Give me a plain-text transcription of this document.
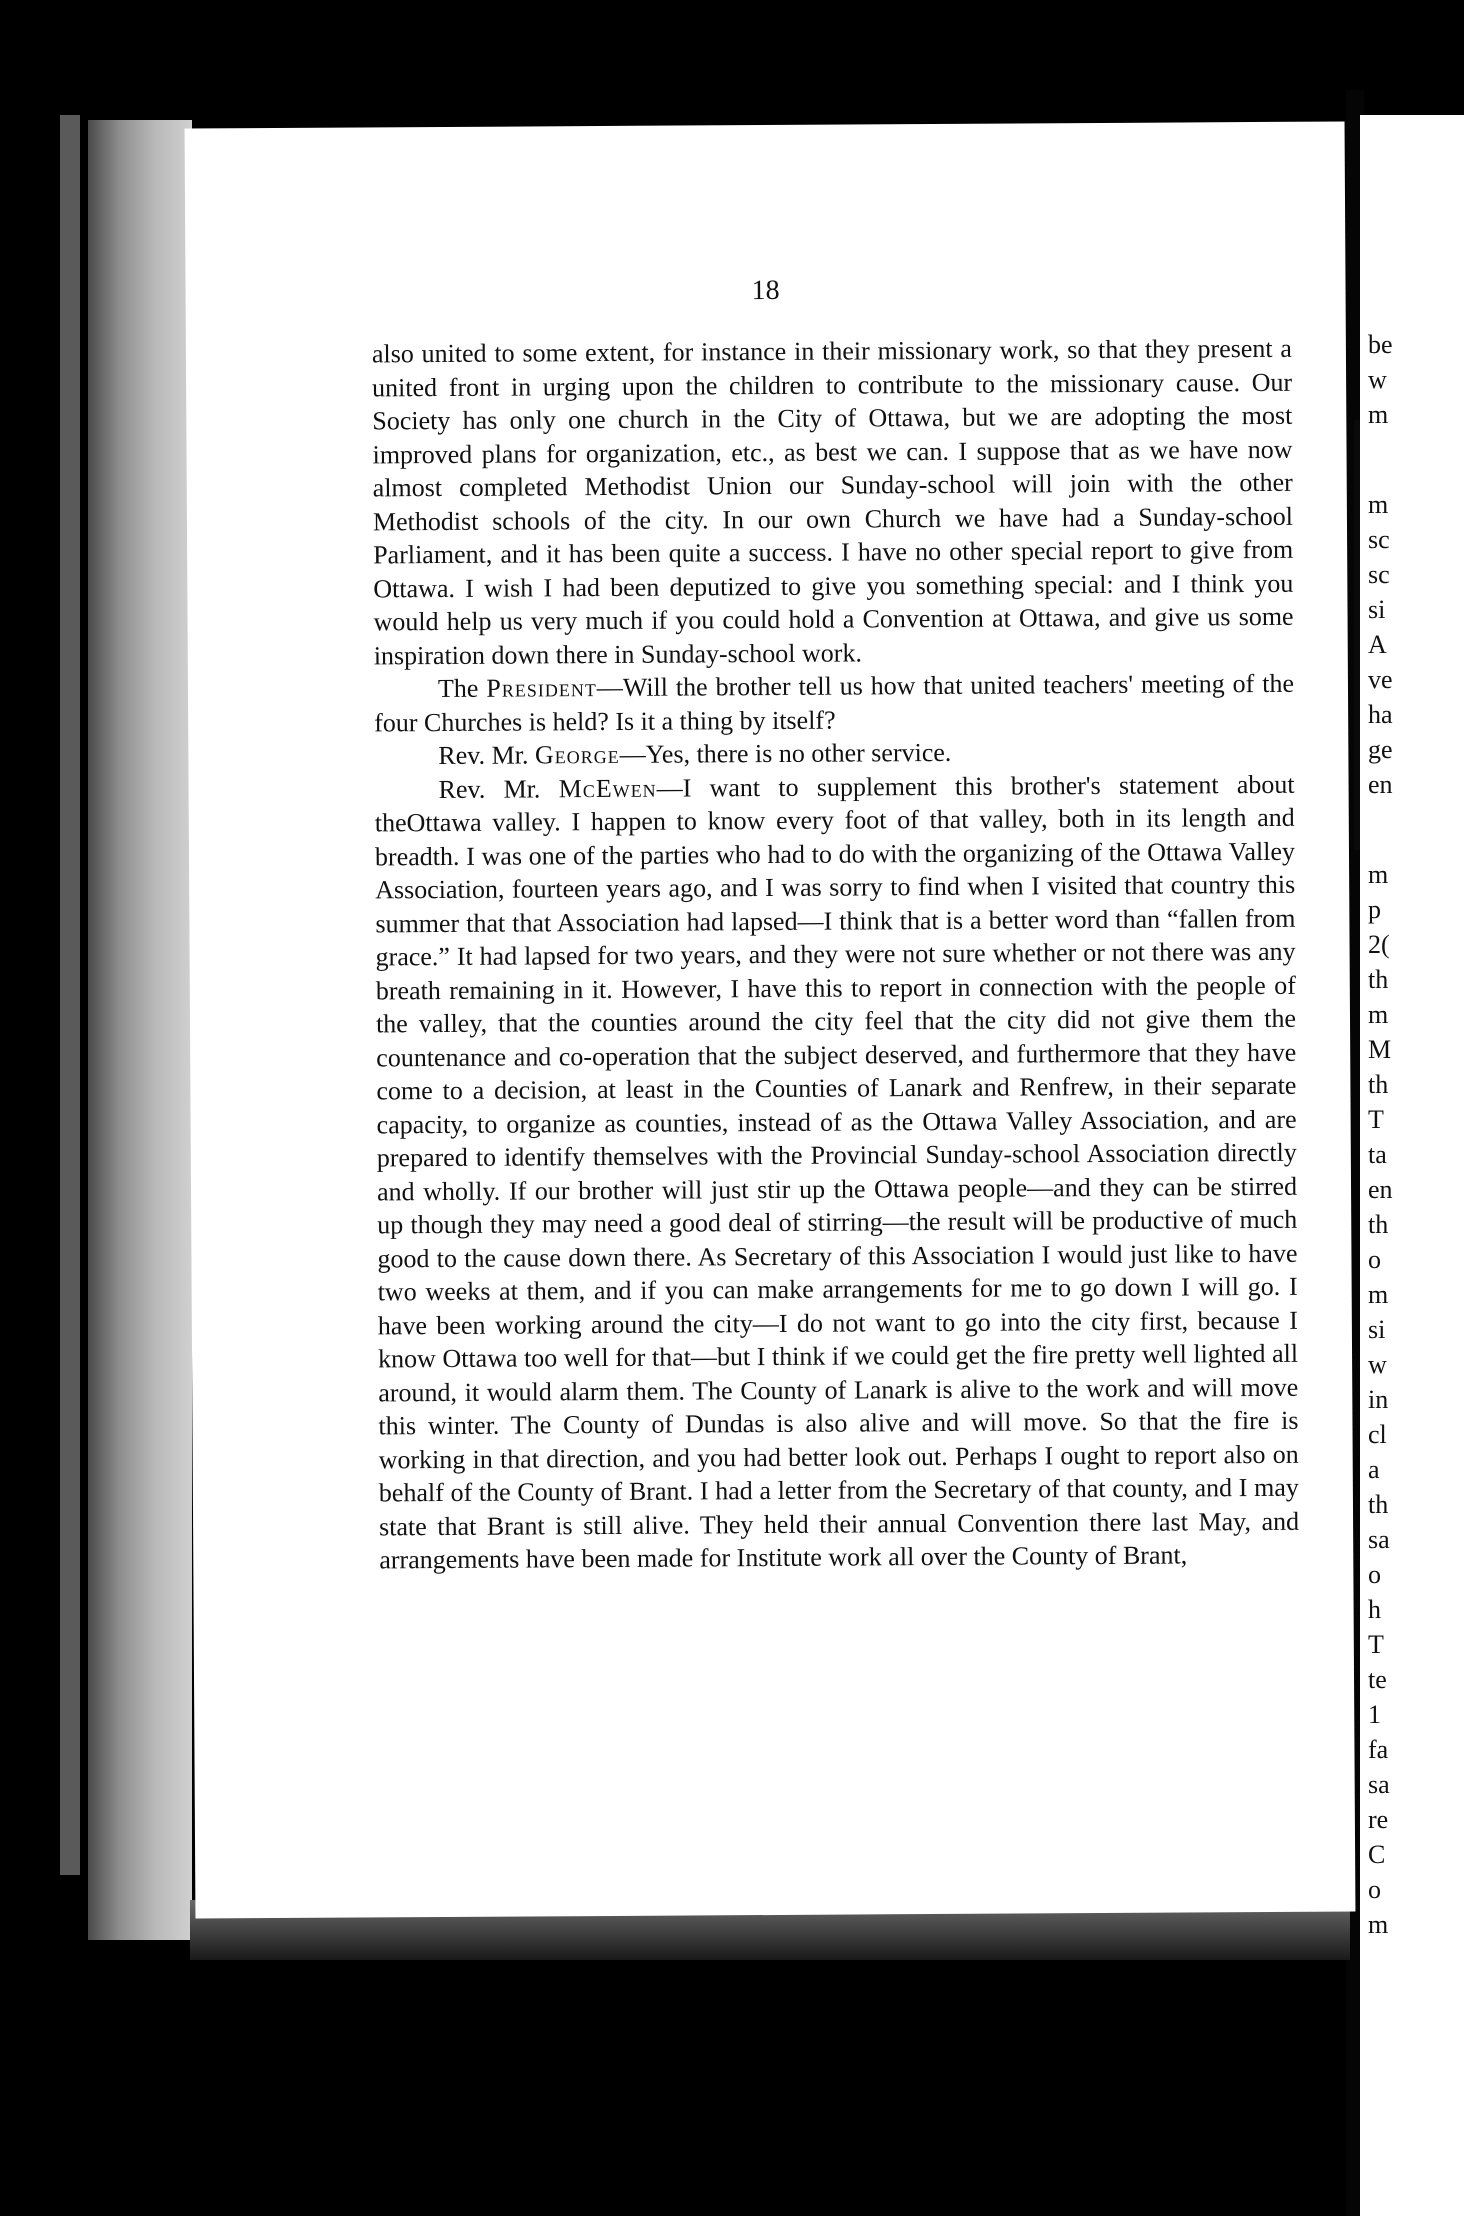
18

also united to some extent, for instance in their missionary work, so that they present a united front in urging upon the children to contribute to the missionary cause. Our Society has only one church in the City of Ottawa, but we are adopting the most improved plans for organization, etc., as best we can. I suppose that as we have now almost completed Methodist Union our Sunday-school will join with the other Methodist schools of the city. In our own Church we have had a Sunday-school Parliament, and it has been quite a success. I have no other special report to give from Ottawa. I wish I had been deputized to give you something special: and I think you would help us very much if you could hold a Convention at Ottawa, and give us some inspiration down there in Sunday-school work.

The President—Will the brother tell us how that united teachers' meeting of the four Churches is held? Is it a thing by itself?

Rev. Mr. George—Yes, there is no other service.

Rev. Mr. McEwen—I want to supplement this brother's statement about theOttawa valley. I happen to know every foot of that valley, both in its length and breadth. I was one of the parties who had to do with the organizing of the Ottawa Valley Association, fourteen years ago, and I was sorry to find when I visited that country this summer that that Association had lapsed—I think that is a better word than “fallen from grace.” It had lapsed for two years, and they were not sure whether or not there was any breath remaining in it. However, I have this to report in connection with the people of the valley, that the counties around the city feel that the city did not give them the countenance and co-operation that the subject deserved, and furthermore that they have come to a decision, at least in the Counties of Lanark and Renfrew, in their separate capacity, to organize as counties, instead of as the Ottawa Valley Association, and are prepared to identify themselves with the Provincial Sunday-school Association directly and wholly. If our brother will just stir up the Ottawa people—and they can be stirred up though they may need a good deal of stirring—the result will be productive of much good to the cause down there. As Secretary of this Association I would just like to have two weeks at them, and if you can make arrangements for me to go down I will go. I have been working around the city—I do not want to go into the city first, because I know Ottawa too well for that—but I think if we could get the fire pretty well lighted all around, it would alarm them. The County of Lanark is alive to the work and will move this winter. The County of Dundas is also alive and will move. So that the fire is working in that direction, and you had better look out. Perhaps I ought to report also on behalf of the County of Brant. I had a letter from the Secretary of that county, and I may state that Brant is still alive. They held their annual Convention there last May, and arrangements have been made for Institute work all over the County of Brant,

be
w
m
m
sc
sc
si
A
ve
ha
ge
en
m
p
2(
th
m
M
th
T
ta
en
th
o
m
si
w
in
cl
a
th
sa
o
h
T
te
1
fa
sa
re
C
o
m
